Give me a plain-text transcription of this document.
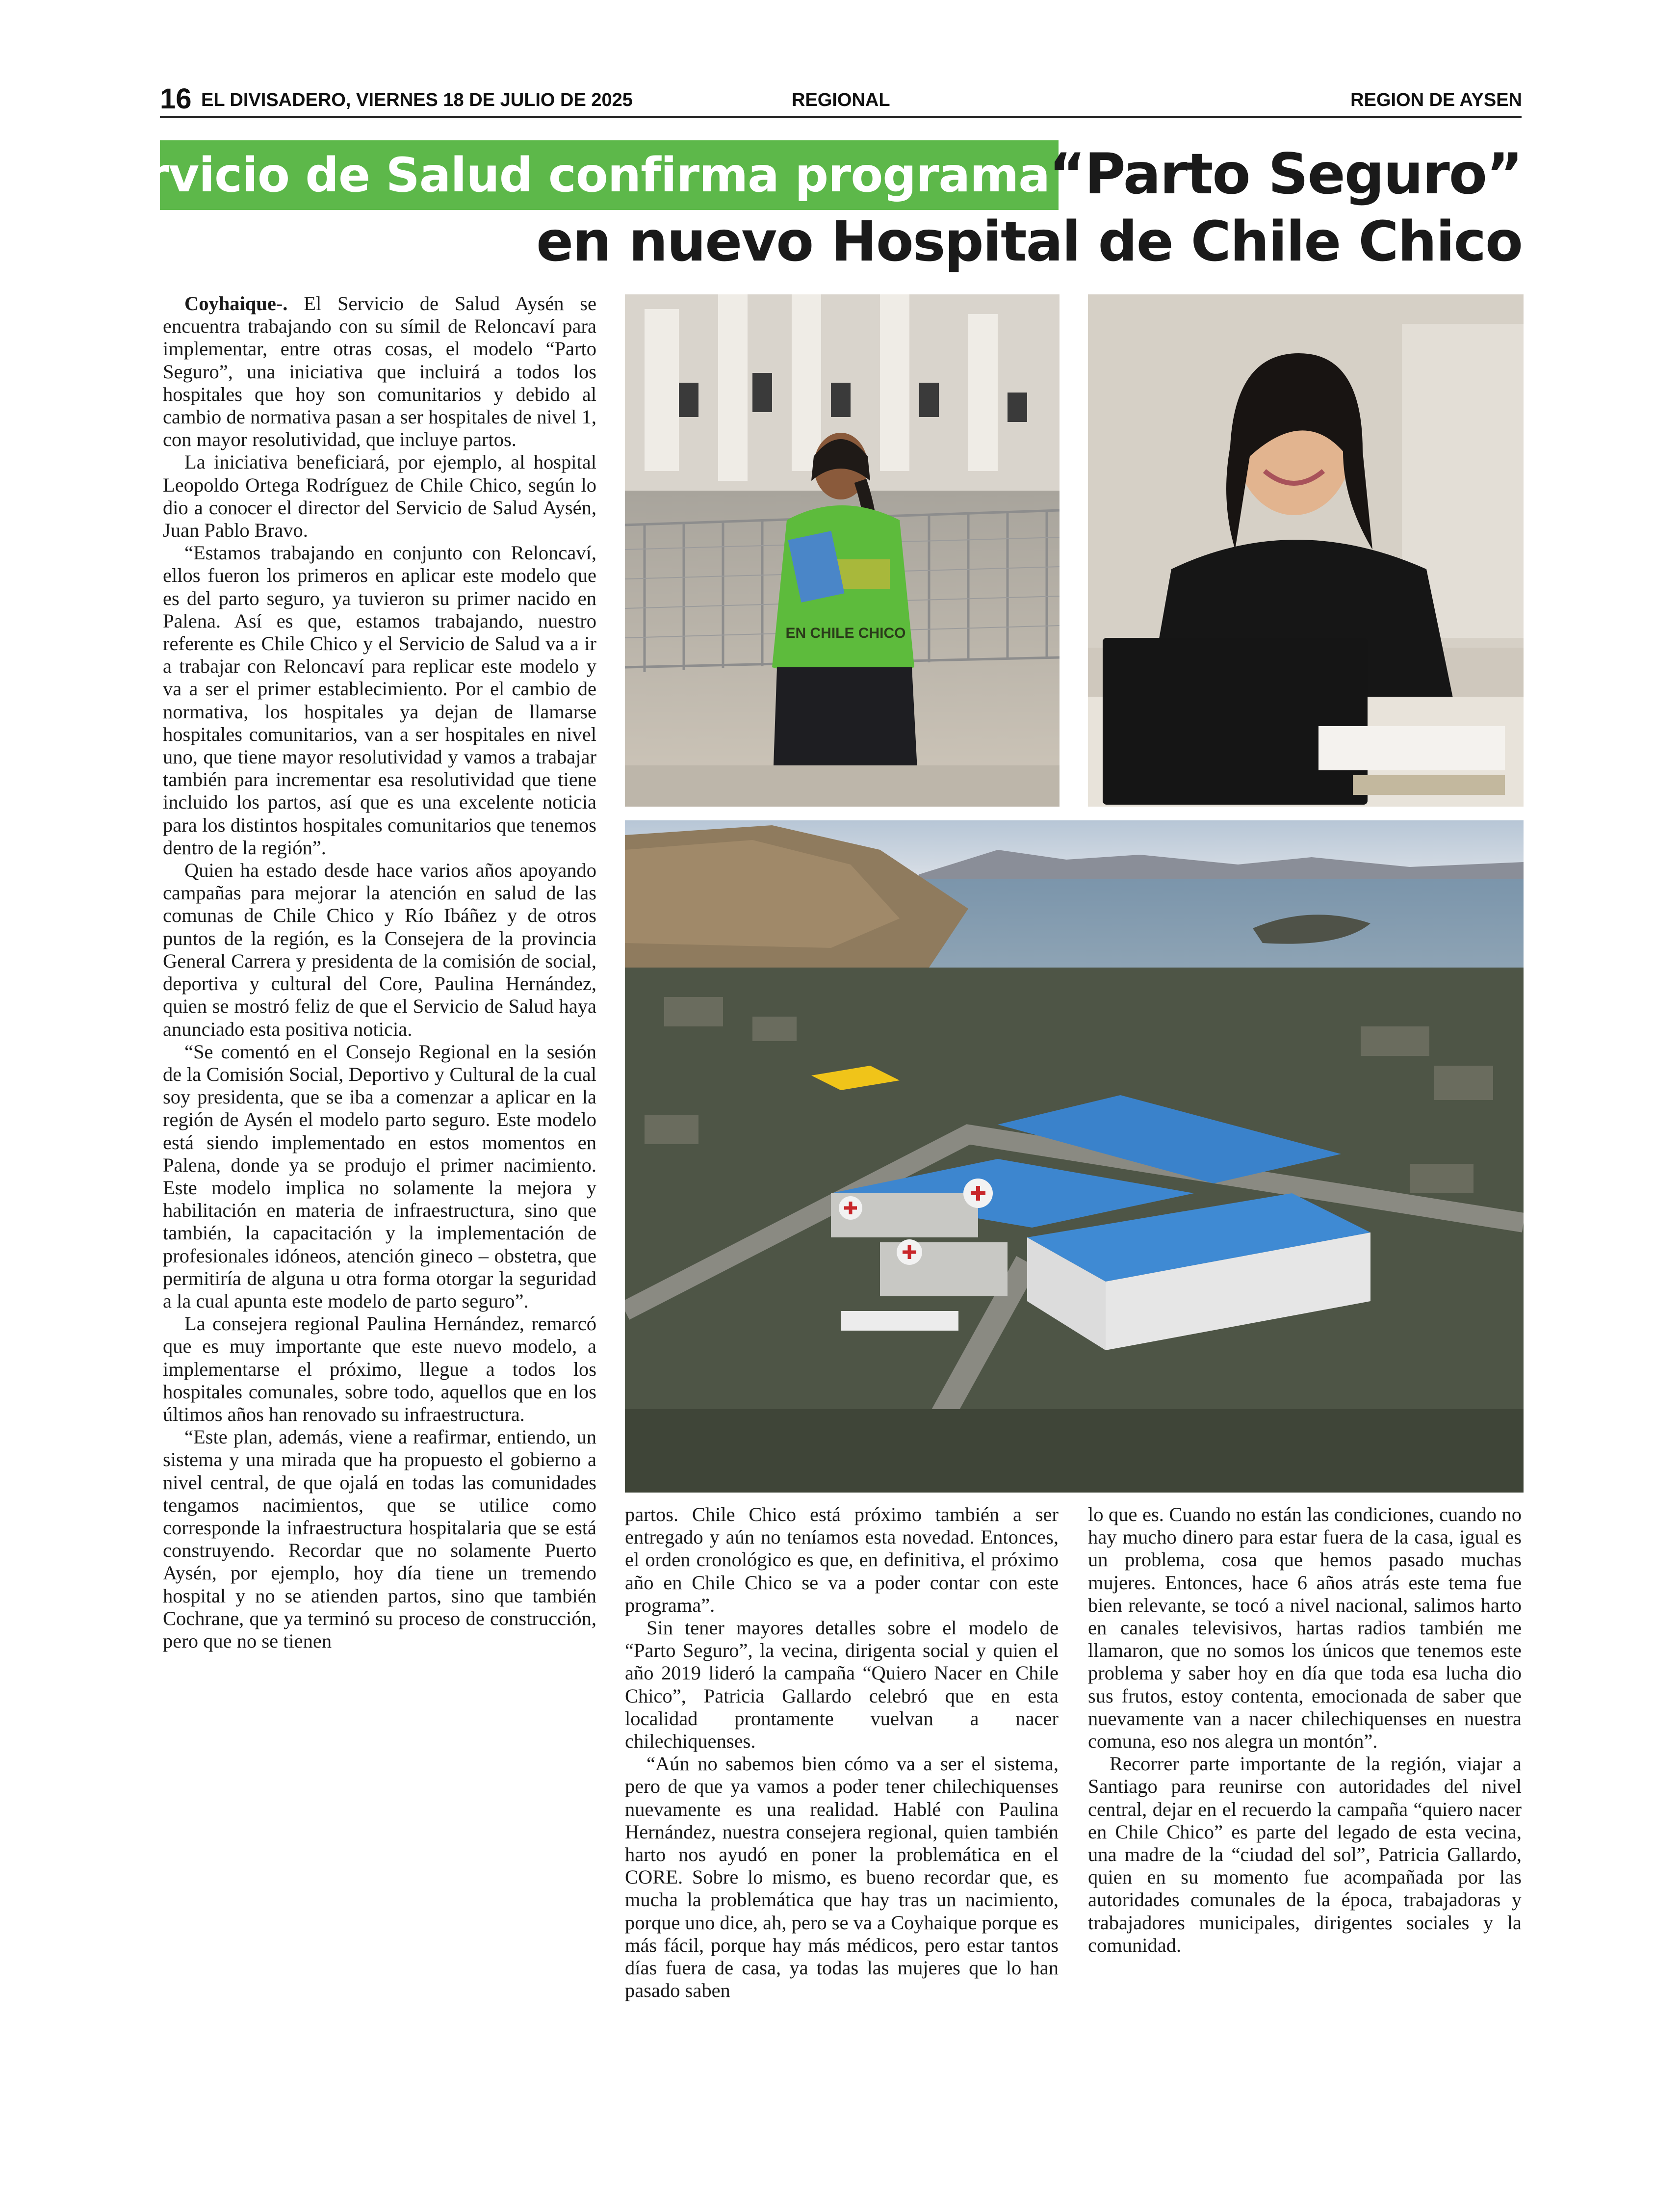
16 EL DIVISADERO, VIERNES 18 DE JULIO DE 2025	REGIONAL	REGION DE AYSEN
Servicio de Salud confirma programa
“Parto Seguro”
en nuevo Hospital de Chile Chico
EN CHILE CHICO

Coyhaique-. El Servicio de Salud Aysén se encuentra trabajando con su símil de Reloncaví para implementar, entre otras cosas, el modelo “Parto Seguro”, una iniciativa que incluirá a todos los hospitales que hoy son comunitarios y debido al cambio de normativa pasan a ser hospitales de nivel 1, con mayor resolutividad, que incluye partos.

La iniciativa beneficiará, por ejemplo, al hospital Leopoldo Ortega Rodríguez de Chile Chico, según lo dio a conocer el director del Servicio de Salud Aysén, Juan Pablo Bravo.

“Estamos trabajando en conjunto con Reloncaví, ellos fueron los primeros en aplicar este modelo que es del parto seguro, ya tuvieron su primer nacido en Palena. Así es que, estamos trabajando, nuestro referente es Chile Chico y el Servicio de Salud va a ir a trabajar con Reloncaví para replicar este modelo y va a ser el primer establecimiento. Por el cambio de normativa, los hospitales ya dejan de llamarse hospitales comunitarios, van a ser hospitales en nivel uno, que tiene mayor resolutividad y vamos a trabajar también para incrementar esa resolutividad que tiene incluido los partos, así que es una excelente noticia para los distintos hospitales comunitarios que tenemos dentro de la región”.

Quien ha estado desde hace varios años apoyando campañas para mejorar la atención en salud de las comunas de Chile Chico y Río Ibáñez y de otros puntos de la región, es la Consejera de la provincia General Carrera y presidenta de la comisión de social, deportiva y cultural del Core, Paulina Hernández, quien se mostró feliz de que el Servicio de Salud haya anunciado esta positiva noticia.

“Se comentó en el Consejo Regional en la sesión de la Comisión Social, Deportivo y Cultural de la cual soy presidenta, que se iba a comenzar a aplicar en la región de Aysén el modelo parto seguro. Este modelo está siendo implementado en estos momentos en Palena, donde ya se produjo el primer nacimiento. Este modelo implica no solamente la mejora y habilitación en materia de infraestructura, sino que también, la capacitación y la implementación de profesionales idóneos, atención gineco – obstetra, que permitiría de alguna u otra forma otorgar la seguridad a la cual apunta este modelo de parto seguro”.

La consejera regional Paulina Hernández, remarcó que es muy importante que este nuevo modelo, a implementarse el próximo, llegue a todos los hospitales comunales, sobre todo, aquellos que en los últimos años han renovado su infraestructura.

“Este plan, además, viene a reafirmar, entiendo, un sistema y una mirada que ha propuesto el gobierno a nivel central, de que ojalá en todas las comunidades tengamos nacimientos, que se utilice como corresponde la infraestructura hospitalaria que se está construyendo. Recordar que no solamente Puerto Aysén, por ejemplo, hoy día tiene un tremendo hospital y no se atienden partos, sino que también Cochrane, que ya terminó su proceso de construcción, pero que no se tienen

partos. Chile Chico está próximo también a ser entregado y aún no teníamos esta novedad. Entonces, el orden cronológico es que, en definitiva, el próximo año en Chile Chico se va a poder contar con este programa”.

Sin tener mayores detalles sobre el modelo de “Parto Seguro”, la vecina, dirigenta social y quien el año 2019 lideró la campaña “Quiero Nacer en Chile Chico”, Patricia Gallardo celebró que en esta localidad prontamente vuelvan a nacer chilechiquenses.

“Aún no sabemos bien cómo va a ser el sistema, pero de que ya vamos a poder tener chilechiquenses nuevamente es una realidad. Hablé con Paulina Hernández, nuestra consejera regional, quien también harto nos ayudó en poner la problemática en el CORE. Sobre lo mismo, es bueno recordar que, es mucha la problemática que hay tras un nacimiento, porque uno dice, ah, pero se va a Coyhaique porque es más fácil, porque hay más médicos, pero estar tantos días fuera de casa, ya todas las mujeres que lo han pasado saben

lo que es. Cuando no están las condiciones, cuando no hay mucho dinero para estar fuera de la casa, igual es un problema, cosa que hemos pasado muchas mujeres. Entonces, hace 6 años atrás este tema fue bien relevante, se tocó a nivel nacional, salimos harto en canales televisivos, hartas radios también me llamaron, que no somos los únicos que tenemos este problema y saber hoy en día que toda esa lucha dio sus frutos, estoy contenta, emocionada de saber que nuevamente van a nacer chilechiquenses en nuestra comuna, eso nos alegra un montón”.

Recorrer parte importante de la región, viajar a Santiago para reunirse con autoridades del nivel central, dejar en el recuerdo la campaña “quiero nacer en Chile Chico” es parte del legado de esta vecina, una madre de la “ciudad del sol”, Patricia Gallardo, quien en su momento fue acompañada por las autoridades comunales de la época, trabajadoras y trabajadores municipales, dirigentes sociales y la comunidad.
